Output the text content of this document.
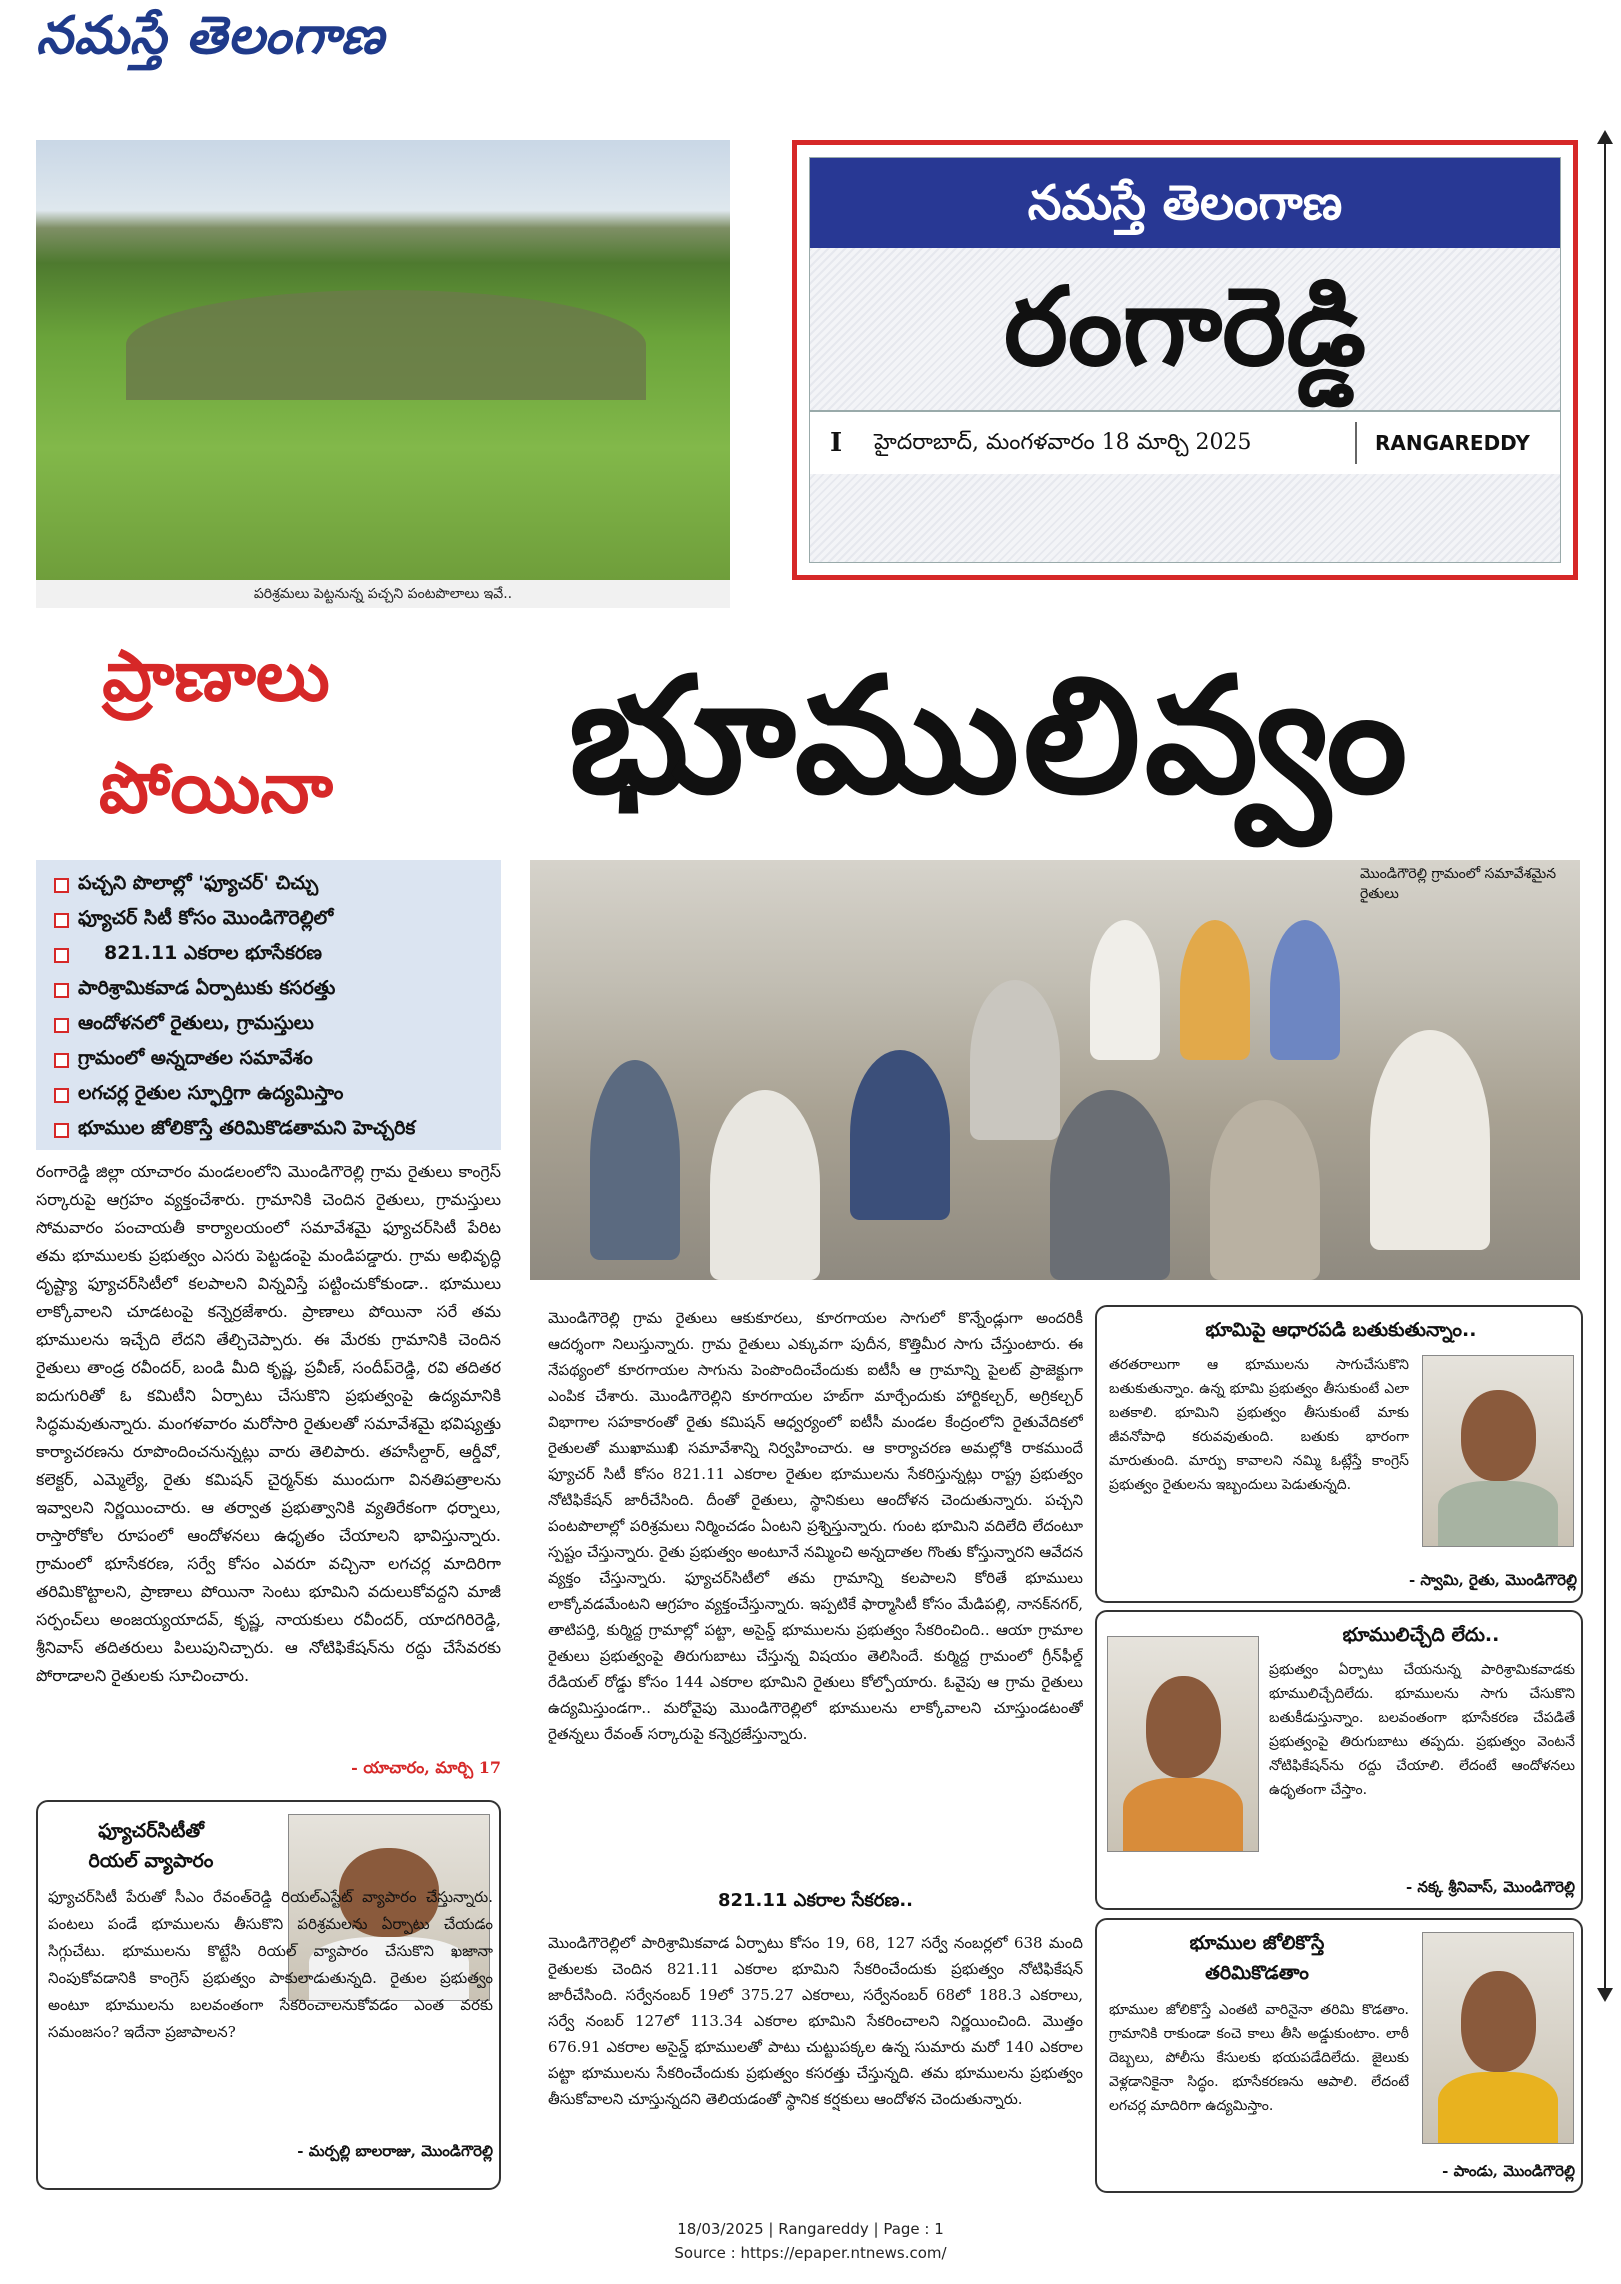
నమస్తే తెలంగాణ
పరిశ్రమలు పెట్టనున్న పచ్చని పంటపొలాలు ఇవే..
నమస్తే తెలంగాణ
రంగారెడ్డి
I హైదరాబాద్, మంగళవారం 18 మార్చి 2025	RANGAREDDY
ప్రాణాలు
పోయినా	భూములివ్వం
పచ్చని పొలాల్లో 'ఫ్యూచర్‌' చిచ్చు
ఫ్యూచర్‌ సిటీ కోసం మొండిగౌరెల్లిలో
821.11 ఎకరాల భూసేకరణ
పారిశ్రామికవాడ ఏర్పాటుకు కసరత్తు
ఆందోళనలో రైతులు, గ్రామస్తులు
గ్రామంలో అన్నదాతల సమావేశం
లగచర్ల రైతుల స్ఫూర్తిగా ఉద్యమిస్తాం
భూముల జోలికొస్తే తరిమికొడతామని హెచ్చరిక
మొండిగౌరెల్లి గ్రామంలో సమావేశమైన రైతులు
రంగారెడ్డి జిల్లా యాచారం మండలంలోని మొండిగౌరెల్లి గ్రామ రైతులు కాంగ్రెస్‌ సర్కారుపై ఆగ్రహం వ్యక్తంచేశారు. గ్రామానికి చెందిన రైతులు, గ్రామస్తులు సోమవారం పంచాయతీ కార్యాలయంలో సమావేశమై ఫ్యూచర్‌సిటీ పేరిట తమ భూములకు ప్రభుత్వం ఎసరు పెట్టడంపై మండిపడ్డారు. గ్రామ అభివృద్ధి దృష్ట్యా ఫ్యూచర్‌సిటీలో కలపాలని విన్నవిస్తే పట్టించుకోకుండా.. భూములు లాక్కోవాలని చూడటంపై కన్నెర్రజేశారు. ప్రాణాలు పోయినా సరే తమ భూములను ఇచ్చేది లేదని తేల్చిచెప్పారు. ఈ మేరకు గ్రామానికి చెందిన రైతులు తాండ్ర రవీందర్‌, బండి మీది కృష్ణ, ప్రవీణ్‌, సందీప్‌రెడ్డి, రవి తదితర ఐదుగురితో ఓ కమిటీని ఏర్పాటు చేసుకొని ప్రభుత్వంపై ఉద్యమానికి సిద్ధమవుతున్నారు. మంగళవారం మరోసారి రైతులతో సమావేశమై భవిష్యత్తు కార్యాచరణను రూపొందించనున్నట్లు వారు తెలిపారు. తహసీల్దార్‌, ఆర్డీవో, కలెక్టర్‌, ఎమ్మెల్యే, రైతు కమిషన్‌ చైర్మన్‌కు ముందుగా వినతిపత్రాలను ఇవ్వాలని నిర్ణయించారు. ఆ తర్వాత ప్రభుత్వానికి వ్యతిరేకంగా ధర్నాలు, రాస్తారోకోల రూపంలో ఆందోళనలు ఉధృతం చేయాలని భావిస్తున్నారు. గ్రామంలో భూసేకరణ, సర్వే కోసం ఎవరూ వచ్చినా లగచర్ల మాదిరిగా తరిమికొట్టాలని, ప్రాణాలు పోయినా సెంటు భూమిని వదులుకోవద్దని మాజీ సర్పంచ్‌లు అంజయ్యయాదవ్‌, కృష్ణ, నాయకులు రవీందర్‌, యాదగిరిరెడ్డి, శ్రీనివాస్‌ తదితరులు పిలుపునిచ్చారు. ఆ నోటిఫికేషన్‌ను రద్దు చేసేవరకు పోరాడాలని రైతులకు సూచించారు.
- యాచారం, మార్చి 17
ఫ్యూచర్‌సిటీతో
రియల్‌ వ్యాపారం
ఫ్యూచర్‌సిటీ పేరుతో సీఎం రేవంత్‌రెడ్డి రియల్‌ఎస్టేట్‌ వ్యాపారం చేస్తున్నారు. పంటలు పండే భూములను తీసుకొని పరిశ్రమలను ఏర్పాటు చేయడం సిగ్గుచేటు. భూములను కొట్టేసి రియల్‌ వ్యాపారం చేసుకొని ఖజానా నింపుకోవడానికి కాంగ్రెస్‌ ప్రభుత్వం పాకులాడుతున్నది. రైతుల ప్రభుత్వం అంటూ భూములను బలవంతంగా సేకరించాలనుకోవడం ఎంత వరకు సమంజసం? ఇదేనా ప్రజాపాలన?
- మర్పల్లి బాలరాజు, మొండిగౌరెల్లి
మొండిగౌరెల్లి గ్రామ రైతులు ఆకుకూరలు, కూరగాయల సాగులో కొన్నేండ్లుగా అందరికీ ఆదర్శంగా నిలుస్తున్నారు. గ్రామ రైతులు ఎక్కువగా పుదీన, కొత్తిమీర సాగు చేస్తుంటారు. ఈ నేపథ్యంలో కూరగాయల సాగును పెంపొందించేందుకు ఐటీసీ ఆ గ్రామాన్ని పైలట్‌ ప్రాజెక్టుగా ఎంపిక చేశారు. మొండిగౌరెల్లిని కూరగాయల హబ్‌గా మార్చేందుకు హార్టికల్చర్‌, అగ్రికల్చర్‌ విభాగాల సహకారంతో రైతు కమిషన్‌ ఆధ్వర్యంలో ఐటీసీ మండల కేంద్రంలోని రైతువేదికలో రైతులతో ముఖాముఖి సమావేశాన్ని నిర్వహించారు. ఆ కార్యాచరణ అమల్లోకి రాకముందే ఫ్యూచర్‌ సిటీ కోసం 821.11 ఎకరాల రైతుల భూములను సేకరిస్తున్నట్లు రాష్ట్ర ప్రభుత్వం నోటిఫికేషన్‌ జారీచేసింది. దీంతో రైతులు, స్థానికులు ఆందోళన చెందుతున్నారు. పచ్చని పంటపొలాల్లో పరిశ్రమలు నిర్మించడం ఏంటని ప్రశ్నిస్తున్నారు. గుంట భూమిని వదిలేది లేదంటూ స్పష్టం చేస్తున్నారు. రైతు ప్రభుత్వం అంటూనే నమ్మించి అన్నదాతల గొంతు కోస్తున్నారని ఆవేదన వ్యక్తం చేస్తున్నారు. ఫ్యూచర్‌సిటీలో తమ గ్రామాన్ని కలపాలని కోరితే భూములు లాక్కోవడమేంటని ఆగ్రహం వ్యక్తంచేస్తున్నారు. ఇప్పటికే ఫార్మాసిటీ కోసం మేడిపల్లి, నానక్‌నగర్‌, తాటిపర్తి, కుర్మిద్ద గ్రామాల్లో పట్టా, అసైన్డ్‌ భూములను ప్రభుత్వం సేకరించింది.. ఆయా గ్రామాల రైతులు ప్రభుత్వంపై తిరుగుబాటు చేస్తున్న విషయం తెలిసిందే. కుర్మిద్ద గ్రామంలో గ్రీన్‌ఫీల్డ్‌ రేడియల్‌ రోడ్డు కోసం 144 ఎకరాల భూమిని రైతులు కోల్పోయారు. ఓవైపు ఆ గ్రామ రైతులు ఉద్యమిస్తుండగా.. మరోవైపు మొండిగౌరెల్లిలో భూములను లాక్కోవాలని చూస్తుండటంతో రైతన్నలు రేవంత్‌ సర్కారుపై కన్నెర్రజేస్తున్నారు.
821.11 ఎకరాల సేకరణ..
మొండిగౌరెల్లిలో పారిశ్రామికవాడ ఏర్పాటు కోసం 19, 68, 127 సర్వే నంబర్లలో 638 మంది రైతులకు చెందిన 821.11 ఎకరాల భూమిని సేకరించేందుకు ప్రభుత్వం నోటిఫికేషన్‌ జారీచేసింది. సర్వేనంబర్‌ 19లో 375.27 ఎకరాలు, సర్వేనంబర్‌ 68లో 188.3 ఎకరాలు, సర్వే నంబర్‌ 127లో 113.34 ఎకరాల భూమిని సేకరించాలని నిర్ణయించింది. మొత్తం 676.91 ఎకరాల అసైన్డ్‌ భూములతో పాటు చుట్టుపక్కల ఉన్న సుమారు మరో 140 ఎకరాల పట్టా భూములను సేకరించేందుకు ప్రభుత్వం కసరత్తు చేస్తున్నది. తమ భూములను ప్రభుత్వం తీసుకోవాలని చూస్తున్నదని తెలియడంతో స్థానిక కర్షకులు ఆందోళన చెందుతున్నారు.
భూమిపై ఆధారపడి బతుకుతున్నాం..
తరతరాలుగా ఆ భూములను సాగుచేసుకొని బతుకుతున్నాం. ఉన్న భూమి ప్రభుత్వం తీసుకుంటే ఎలా బతకాలి. భూమిని ప్రభుత్వం తీసుకుంటే మాకు జీవనోపాధి కరువవుతుంది. బతుకు భారంగా మారుతుంది. మార్పు కావాలని నమ్మి ఓట్లేస్తే కాంగ్రెస్‌ ప్రభుత్వం రైతులను ఇబ్బందులు పెడుతున్నది.
- స్వామి, రైతు, మొండిగౌరెల్లి
భూములిచ్చేది లేదు..
ప్రభుత్వం ఏర్పాటు చేయనున్న పారిశ్రామికవాడకు భూములిచ్చేదిలేదు. భూములను సాగు చేసుకొని బతుకీడుస్తున్నాం. బలవంతంగా భూసేకరణ చేపడితే ప్రభుత్వంపై తిరుగుబాటు తప్పదు. ప్రభుత్వం వెంటనే నోటిఫికేషన్‌ను రద్దు చేయాలి. లేదంటే ఆందోళనలు ఉధృతంగా చేస్తాం.
- నక్క శ్రీనివాస్‌, మొండిగౌరెల్లి
భూముల జోలికొస్తే
తరిమికొడతాం
భూముల జోలికొస్తే ఎంతటి వారినైనా తరిమి కొడతాం. గ్రామానికి రాకుండా కంచె కాలు తీసి అడ్డుకుంటాం. లాఠీ దెబ్బలు, పోలీసు కేసులకు భయపడేదిలేదు. జైలుకు వెళ్లడానికైనా సిద్ధం. భూసేకరణను ఆపాలి. లేదంటే లగచర్ల మాదిరిగా ఉద్యమిస్తాం.
- పాండు, మొండిగౌరెల్లి
18/03/2025 | Rangareddy | Page : 1
Source : https://epaper.ntnews.com/
